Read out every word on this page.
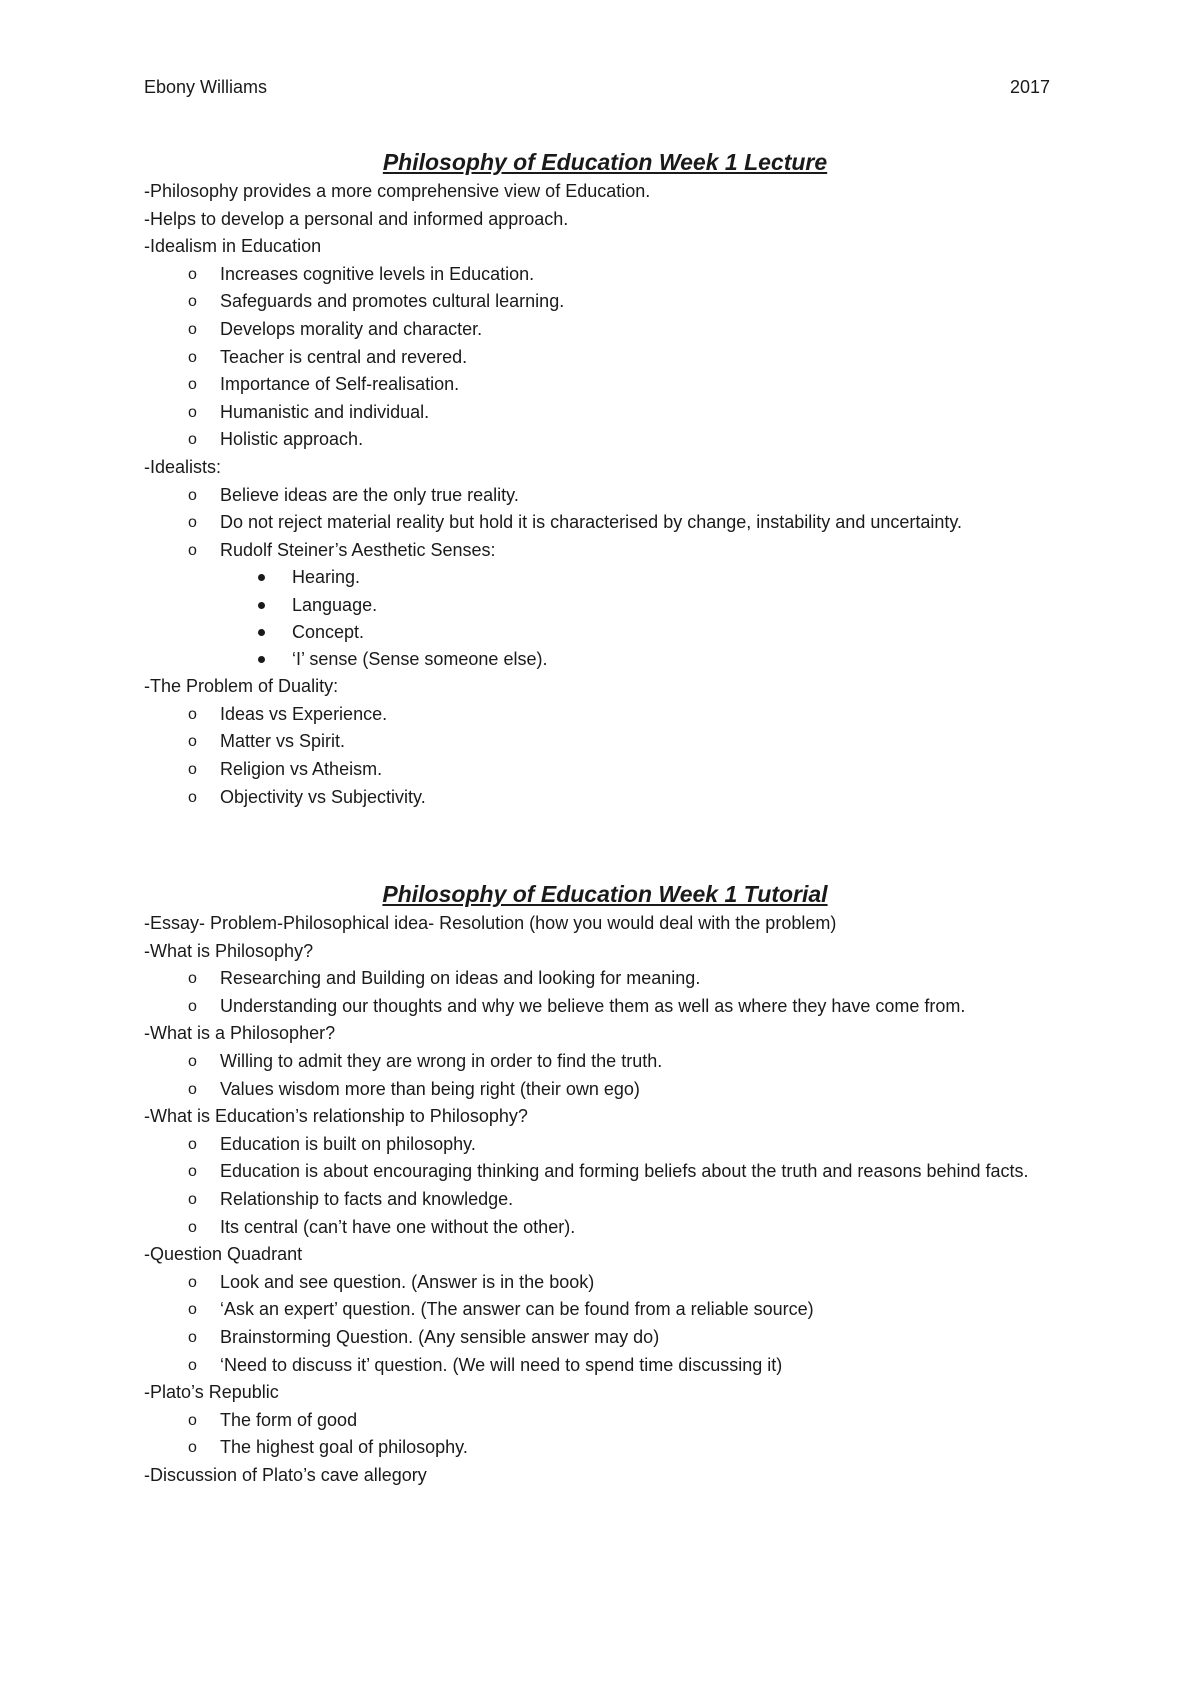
Ebony Williams	2017
Philosophy of Education Week 1 Lecture

-Philosophy provides a more comprehensive view of Education.

-Helps to develop a personal and informed approach.

-Idealism in Education

o Increases cognitive levels in Education.
o Safeguards and promotes cultural learning.
o Develops morality and character.
o Teacher is central and revered.
o Importance of Self-realisation.
o Humanistic and individual.
o Holistic approach.

-Idealists:

o Believe ideas are the only true reality.
o Do not reject material reality but hold it is characterised by change, instability and uncertainty.
o Rudolf Steiner’s Aesthetic Senses:
Hearing.
Language.
Concept.
‘I’ sense (Sense someone else).

-The Problem of Duality:

o Ideas vs Experience.
o Matter vs Spirit.
o Religion vs Atheism.
o Objectivity vs Subjectivity.
Philosophy of Education Week 1 Tutorial

-Essay- Problem-Philosophical idea- Resolution (how you would deal with the problem)

-What is Philosophy?

o Researching and Building on ideas and looking for meaning.
o Understanding our thoughts and why we believe them as well as where they have come from.

-What is a Philosopher?

o Willing to admit they are wrong in order to find the truth.
o Values wisdom more than being right (their own ego)

-What is Education’s relationship to Philosophy?

o Education is built on philosophy.
o Education is about encouraging thinking and forming beliefs about the truth and reasons behind facts.
o Relationship to facts and knowledge.
o Its central (can’t have one without the other).

-Question Quadrant

o Look and see question. (Answer is in the book)
o ‘Ask an expert’ question. (The answer can be found from a reliable source)
o Brainstorming Question. (Any sensible answer may do)
o ‘Need to discuss it’ question. (We will need to spend time discussing it)

-Plato’s Republic

o The form of good
o The highest goal of philosophy.

-Discussion of Plato’s cave allegory
